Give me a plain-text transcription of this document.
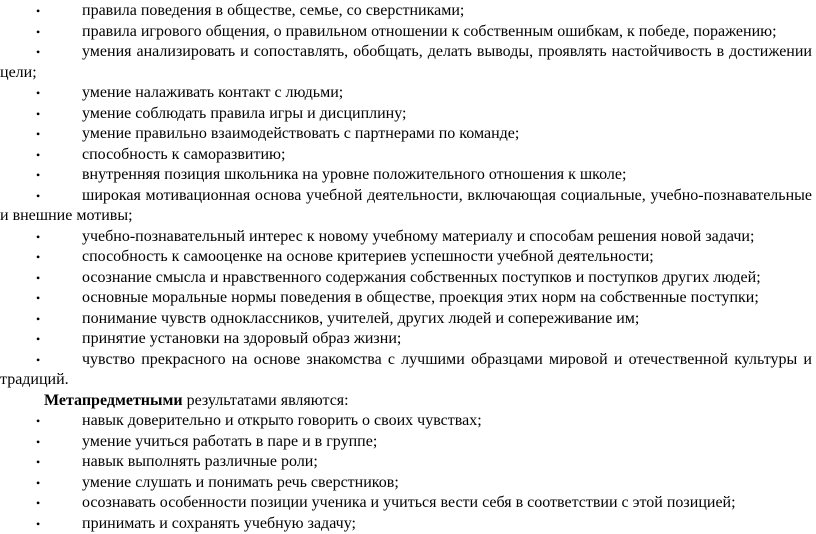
•	правила поведения в обществе, семье, со сверстниками;
•	правила игрового общения, о правильном отношении к собственным ошибкам, к победе, поражению;
•	умения анализировать и сопоставлять, обобщать, делать выводы, проявлять настойчивость в достижении
цели;
•	умение налаживать контакт с людьми;
•	умение соблюдать правила игры и дисциплину;
•	умение правильно взаимодействовать с партнерами по команде;
•	способность к саморазвитию;
•	внутренняя позиция школьника на уровне положительного отношения к школе;
•	широкая мотивационная основа учебной деятельности, включающая социальные, учебно-познавательные
и внешние мотивы;
•	учебно-познавательный интерес к новому учебному материалу и способам решения новой задачи;
•	способность к самооценке на основе критериев успешности учебной деятельности;
•	осознание смысла и нравственного содержания собственных поступков и поступков других людей;
•	основные моральные нормы поведения в обществе, проекция этих норм на собственные поступки;
•	понимание чувств одноклассников, учителей, других людей и сопереживание им;
•	принятие установки на здоровый образ жизни;
•	чувство прекрасного на основе знакомства с лучшими образцами мировой и отечественной культуры и
традиций.
Метапредметными результатами являются:
•	навык доверительно и открыто говорить о своих чувствах;
•	умение учиться работать в паре и в группе;
•	навык выполнять различные роли;
•	умение слушать и понимать речь сверстников;
•	осознавать особенности позиции ученика и учиться вести себя в соответствии с этой позицией;
•	принимать и сохранять учебную задачу;
